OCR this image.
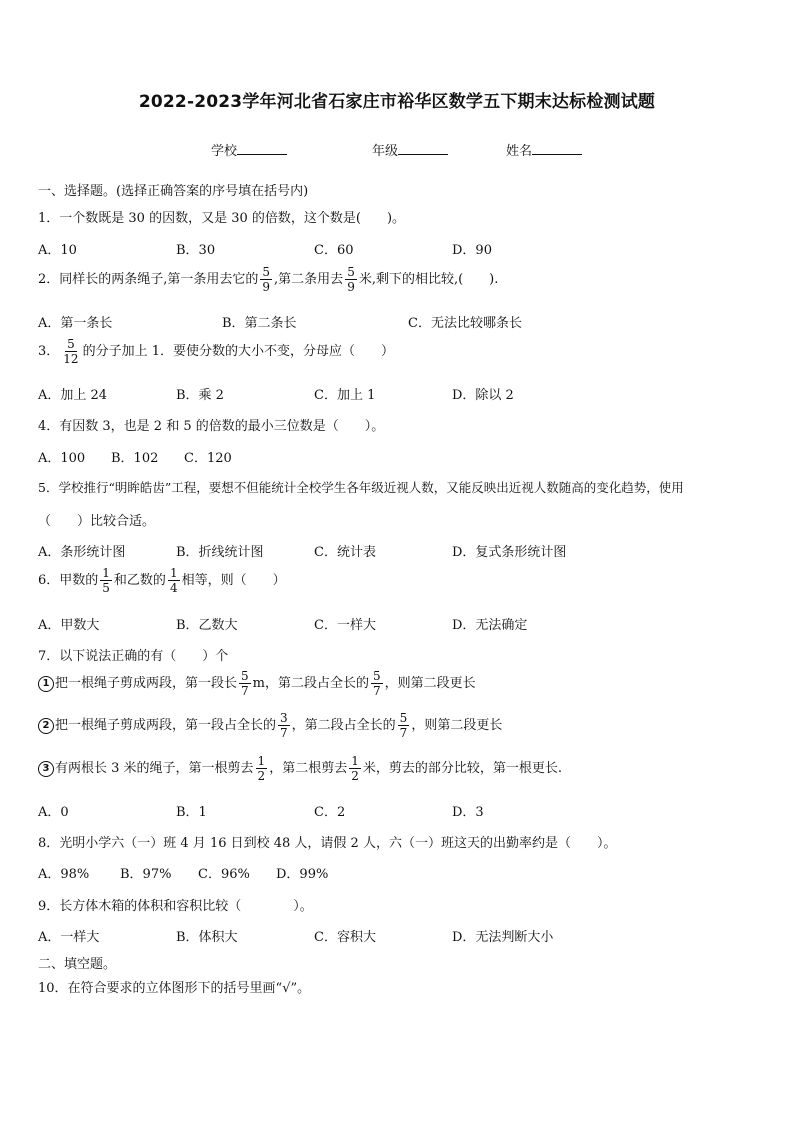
2022-2023学年河北省石家庄市裕华区数学五下期末达标检测试题
学校	年级	姓名
一、选择题。(选择正确答案的序号填在括号内)
1．一个数既是 30 的因数，又是 30 的倍数，这个数是(　　)。
A．10	B．30	C．60	D．90
2．同样长的两条绳子,第一条用去它的 $\frac{5}{9}$ ,第二条用去 $\frac{5}{9}$ 米,剩下的相比较,(　　).
A．第一条长	B．第二条长	C．无法比较哪条长
3． $\frac{5}{12}$ 的分子加上 1．要使分数的大小不变，分母应（　　）
A．加上 24	B．乘 2	C．加上 1	D．除以 2
4．有因数 3，也是 2 和 5 的倍数的最小三位数是（　　）。
A．100 B．102 C．120
5．学校推行“明眸皓齿”工程，要想不但能统计全校学生各年级近视人数，又能反映出近视人数随高的变化趋势，使用
（　　）比较合适。
A．条形统计图	B．折线统计图	C．统计表	D．复式条形统计图
6．甲数的 $\frac{1}{5}$ 和乙数的 $\frac{1}{4}$ 相等，则（　　）
A．甲数大	B．乙数大	C．一样大	D．无法确定
7．以下说法正确的有（　　）个
1 把一根绳子剪成两段，第一段长 $\frac{5}{7}$ m，第二段占全长的 $\frac{5}{7}$ ，则第二段更长
2 把一根绳子剪成两段，第一段占全长的 $\frac{3}{7}$ ，第二段占全长的 $\frac{5}{7}$ ，则第二段更长
3 有两根长 3 米的绳子，第一根剪去 $\frac{1}{2}$ ，第二根剪去 $\frac{1}{2}$ 米，剪去的部分比较，第一根更长.
A．0	B．1	C．2	D．3
8．光明小学六（一）班 4 月 16 日到校 48 人，请假 2 人，六（一）班这天的出勤率约是（　　）。
A．98% B．97% C．96% D．99%
9．长方体木箱的体积和容积比较（　　　　）。
A．一样大	B．体积大	C．容积大	D．无法判断大小
二、填空题。
10．在符合要求的立体图形下的括号里画“√”。
